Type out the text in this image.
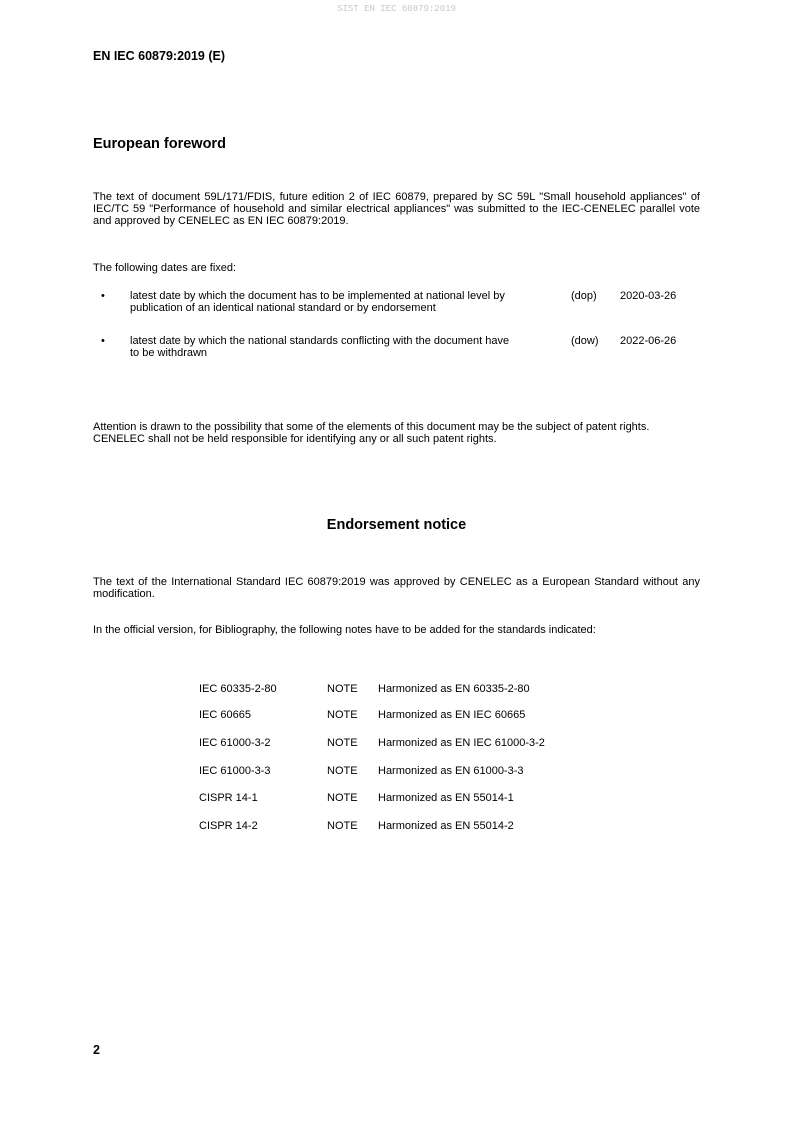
SIST EN IEC 60879:2019
EN IEC 60879:2019 (E)
European foreword
The text of document 59L/171/FDIS, future edition 2 of IEC 60879, prepared by SC 59L "Small household appliances" of IEC/TC 59 "Performance of household and similar electrical appliances" was submitted to the IEC-CENELEC parallel vote and approved by CENELEC as EN IEC 60879:2019.
The following dates are fixed:
• latest date by which the document has to be implemented at national level by publication of an identical national standard or by endorsement
(dop) 2020-03-26
• latest date by which the national standards conflicting with the document have to be withdrawn
(dow) 2022-06-26
Attention is drawn to the possibility that some of the elements of this document may be the subject of patent rights. CENELEC shall not be held responsible for identifying any or all such patent rights.
Endorsement notice
The text of the International Standard IEC 60879:2019 was approved by CENELEC as a European Standard without any modification.
In the official version, for Bibliography, the following notes have to be added for the standards indicated:
IEC 60335-2-80	NOTE Harmonized as EN 60335-2-80
IEC 60665	NOTE Harmonized as EN IEC 60665
IEC 61000-3-2	NOTE Harmonized as EN IEC 61000-3-2
IEC 61000-3-3	NOTE Harmonized as EN 61000-3-3
CISPR 14-1	NOTE Harmonized as EN 55014-1
CISPR 14-2	NOTE Harmonized as EN 55014-2
2
